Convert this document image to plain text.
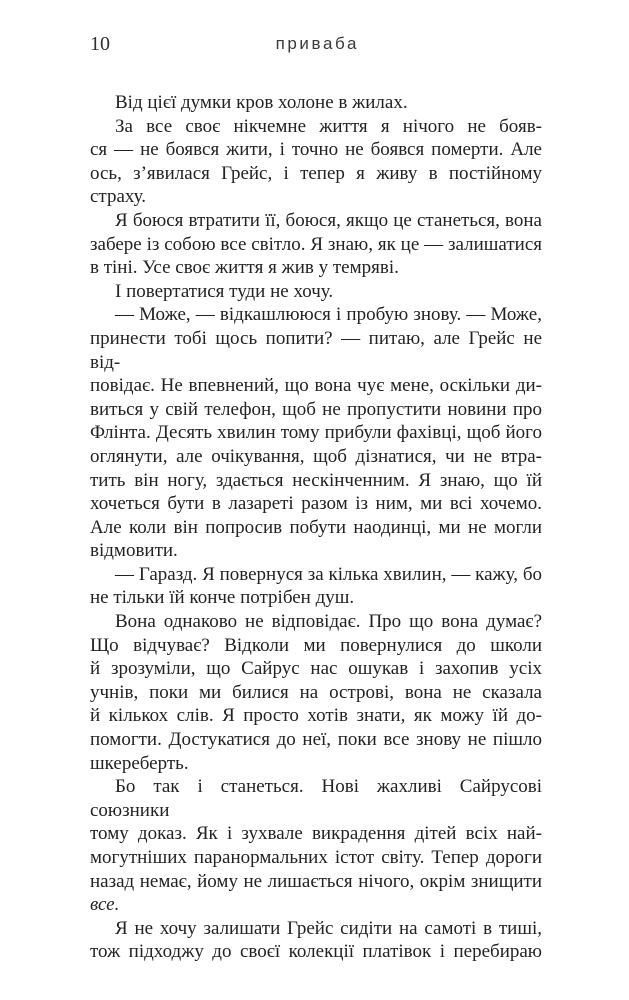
10	приваба

Від цієї думки кров холоне в жилах.

За все своє нікчемне життя я нічого не бояв-
ся — не боявся жити, і точно не боявся померти. Але
ось, з’явилася Грейс, і тепер я живу в постійному
страху.

Я боюся втратити її, боюся, якщо це станеться, вона
забере із собою все світло. Я знаю, як це — залишатися
в тіні. Усе своє життя я жив у темряві.

І повертатися туди не хочу.

— Може, — відкашлююся і пробую знову. — Може,
принести тобі щось попити? — питаю, але Грейс не від-
повідає. Не впевнений, що вона чує мене, оскільки ди-
виться у свій телефон, щоб не пропустити новини про
Флінта. Десять хвилин тому прибули фахівці, щоб його
оглянути, але очікування, щоб дізнатися, чи не втра-
тить він ногу, здається нескінченним. Я знаю, що їй
хочеться бути в лазареті разом із ним, ми всі хочемо.
Але коли він попросив побути наодинці, ми не могли
відмовити.

— Гаразд. Я повернуся за кілька хвилин, — кажу, бо
не тільки їй конче потрібен душ.

Вона однаково не відповідає. Про що вона думає?
Що відчуває? Відколи ми повернулися до школи
й зрозуміли, що Сайрус нас ошукав і захопив усіх
учнів, поки ми билися на острові, вона не сказала
й кількох слів. Я просто хотів знати, як можу їй до-
помогти. Достукатися до неї, поки все знову не пішло
шкереберть.

Бо так і станеться. Нові жахливі Сайрусові союзники
тому доказ. Як і зухвале викрадення дітей всіх най-
могутніших паранормальних істот світу. Тепер дороги
назад немає, йому не лишається нічого, окрім знищити
все.

Я не хочу залишати Грейс сидіти на самоті в тиші,
тож підходжу до своєї колекції платівок і перебираю
